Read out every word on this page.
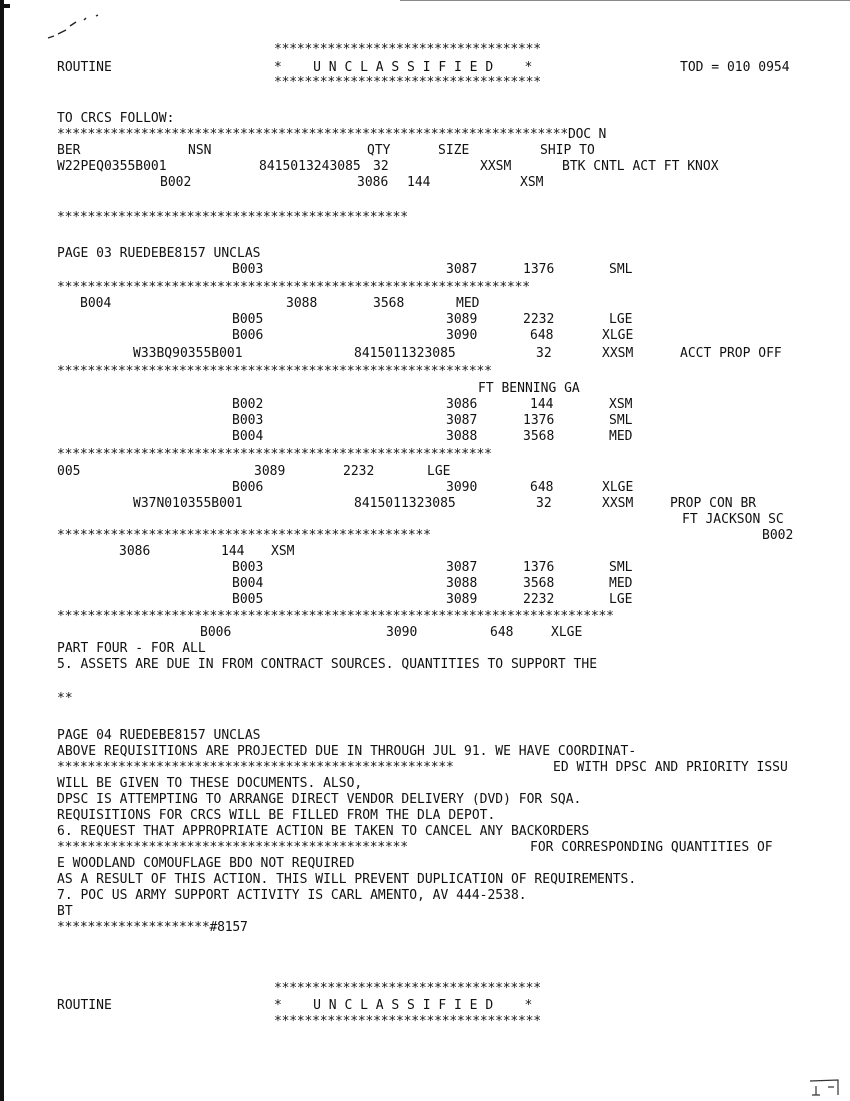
***********************************
ROUTINE	*    U N C L A S S I F I E D    *	TOD = 010 0954
***********************************
TO CRCS FOLLOW:
*******************************************************************DOC N
BER	NSN	QTY	SIZE	SHIP TO
W22PEQ0355B001	8415013243085 32	XXSM	BTK CNTL ACT FT KNOX
B002	3086 144	XSM
**********************************************
PAGE 03 RUEDEBE8157 UNCLAS
B003	3087	1376	SML
**************************************************************
B004	3088	3568	MED
B005	3089	2232	LGE
B006	3090	648	XLGE
W33BQ90355B001	8415011323085	32	XXSM	ACCT PROP OFF
*********************************************************
FT BENNING GA
B002	3086	144	XSM
B003	3087	1376	SML
B004	3088	3568	MED
*********************************************************
005	3089	2232	LGE
B006	3090	648	XLGE
W37N010355B001	8415011323085	32	XXSM	PROP CON BR
FT JACKSON SC
*************************************************	B002
3086	144 XSM
B003	3087	1376	SML
B004	3088	3568	MED
B005	3089	2232	LGE
*************************************************************************
B006	3090	648	XLGE
PART FOUR - FOR ALL
5. ASSETS ARE DUE IN FROM CONTRACT SOURCES. QUANTITIES TO SUPPORT THE
**
PAGE 04 RUEDEBE8157 UNCLAS
ABOVE REQUISITIONS ARE PROJECTED DUE IN THROUGH JUL 91. WE HAVE COORDINAT-
****************************************************	ED WITH DPSC AND PRIORITY ISSU
WILL BE GIVEN TO THESE DOCUMENTS. ALSO,
DPSC IS ATTEMPTING TO ARRANGE DIRECT VENDOR DELIVERY (DVD) FOR SQA.
REQUISITIONS FOR CRCS WILL BE FILLED FROM THE DLA DEPOT.
6. REQUEST THAT APPROPRIATE ACTION BE TAKEN TO CANCEL ANY BACKORDERS
**********************************************	FOR CORRESPONDING QUANTITIES OF
E WOODLAND COMOUFLAGE BDO NOT REQUIRED
AS A RESULT OF THIS ACTION. THIS WILL PREVENT DUPLICATION OF REQUIREMENTS.
7. POC US ARMY SUPPORT ACTIVITY IS CARL AMENTO, AV 444-2538.
BT
********************#8157
***********************************
ROUTINE	*    U N C L A S S I F I E D    *
***********************************
